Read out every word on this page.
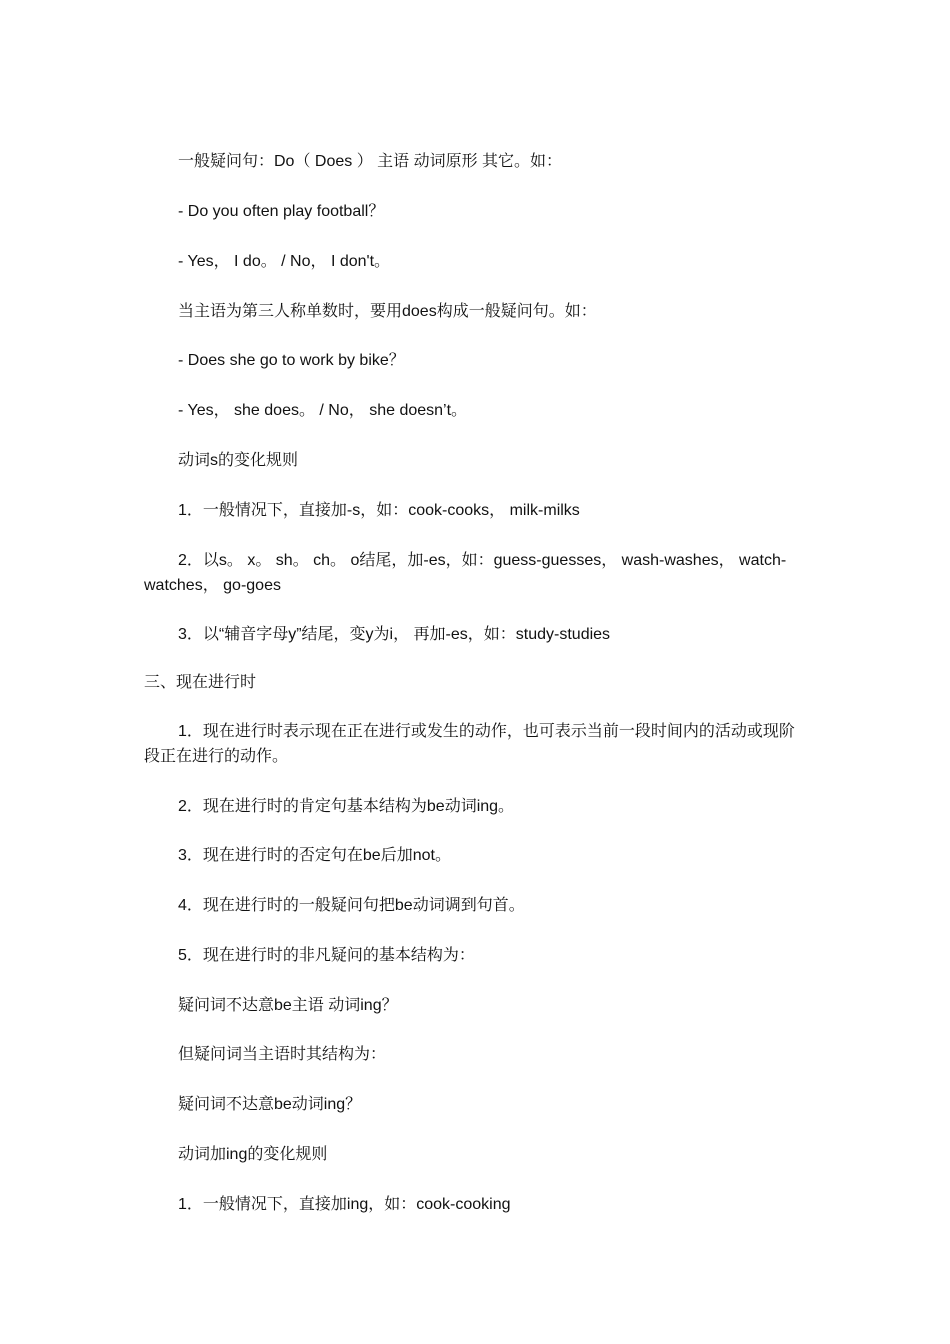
一般疑问句：Do（ Does ） 主语 动词原形 其它。如：

- Do you often play football？

- Yes， I do。 / No， I don't。

当主语为第三人称单数时，要用does构成一般疑问句。如：

- Does she go to work by bike？

- Yes， she does。 / No， she doesn’t。

动词s的变化规则

1．一般情况下，直接加-s，如：cook-cooks， milk-milks

2．以s。 x。 sh。 ch。 o结尾，加-es，如：guess-guesses， wash-washes， watch-watches， go-goes

3．以“辅音字母y”结尾，变y为i， 再加-es，如：study-studies

三、现在进行时

1．现在进行时表示现在正在进行或发生的动作，也可表示当前一段时间内的活动或现阶段正在进行的动作。

2．现在进行时的肯定句基本结构为be动词ing。

3．现在进行时的否定句在be后加not。

4．现在进行时的一般疑问句把be动词调到句首。

5．现在进行时的非凡疑问的基本结构为：

疑问词不达意be主语 动词ing？

但疑问词当主语时其结构为：

疑问词不达意be动词ing？

动词加ing的变化规则

1．一般情况下，直接加ing，如：cook-cooking
